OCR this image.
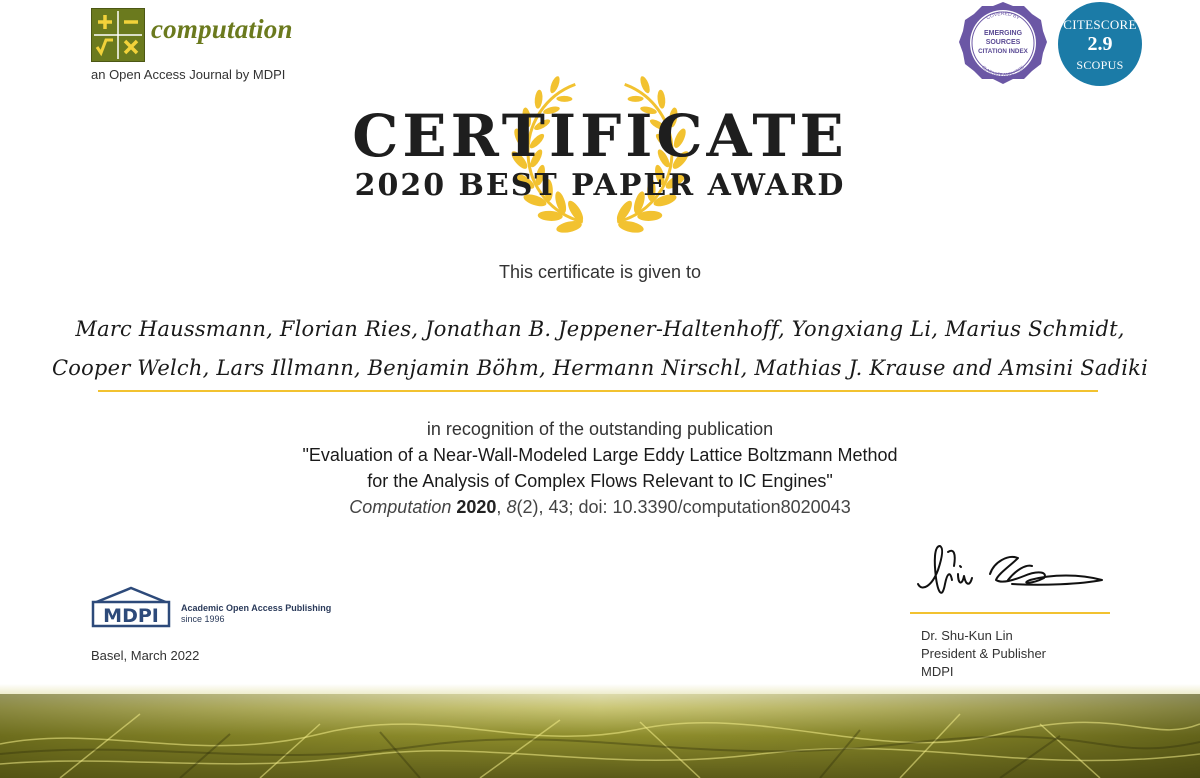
computation
an Open Access Journal by MDPI
COVERED BY
EMERGING
SOURCES
CITATION INDEX
CLARIVATE ANALYTICS
CITESCORE
2.9
SCOPUS
CERTIFICATE
2020 BEST PAPER AWARD
This certificate is given to
Marc Haussmann, Florian Ries, Jonathan B. Jeppener-Haltenhoff, Yongxiang Li, Marius Schmidt,
Cooper Welch, Lars Illmann, Benjamin Böhm, Hermann Nirschl, Mathias J. Krause and Amsini Sadiki
in recognition of the outstanding publication
"Evaluation of a Near-Wall-Modeled Large Eddy Lattice Boltzmann Method
for the Analysis of Complex Flows Relevant to IC Engines"
Computation 2020, 8(2), 43; doi: 10.3390/computation8020043
MDPI Academic Open Access Publishing
since 1996
Basel, March 2022
Dr. Shu-Kun Lin
President & Publisher
MDPI
